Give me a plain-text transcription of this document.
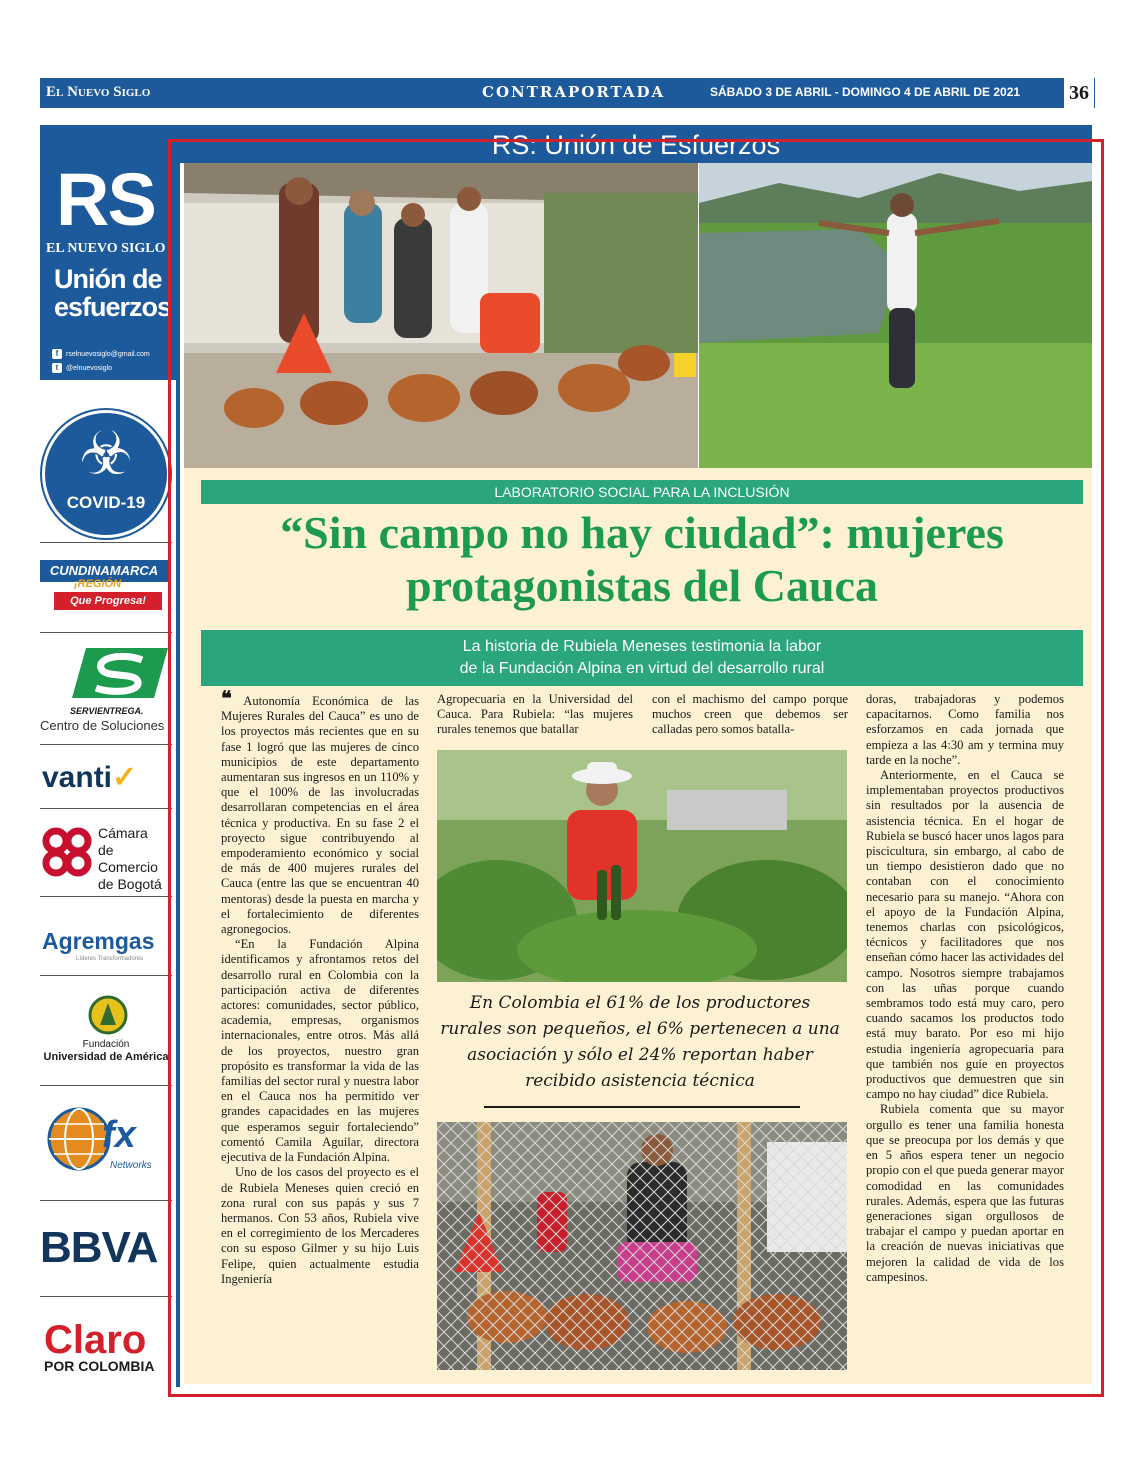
El Nuevo Siglo	CONTRAPORTADA	SÁBADO 3 DE ABRIL - DOMINGO 4 DE ABRIL DE 2021 36
RS
EL NUEVO SIGLO
Unión de
esfuerzos
f	rselnuevosiglo@gmail.com
t	@elnuevosiglo
☣
COVID-19
CUNDINAMARCA
¡REGIÓN
Que Progresa!
SERVIENTREGA.
Centro de Soluciones
vanti✓
Cámara
de Comercio
de Bogotá
Agremgas
Líderes Transformadores
Fundación
Universidad de América
fx
Networks
BBVA
Claro
POR COLOMBIA
RS: Unión de Esfuerzos
LABORATORIO SOCIAL PARA LA INCLUSIÓN
“Sin campo no hay ciudad”: mujeres
protagonistas del Cauca
La historia de Rubiela Meneses testimonia la labor
de la Fundación Alpina en virtud del desarrollo rural

❝ Autonomía Económica de las Mujeres Rurales del Cauca” es uno de los proyectos más recientes que en su fase 1 logró que las mujeres de cinco municipios de este departamento aumentaran sus ingresos en un 110% y que el 100% de las involucradas desarrollaran competencias en el área técnica y productiva. En su fase 2 el proyecto sigue contribuyendo al empoderamiento económico y social de más de 400 mujeres rurales del Cauca (entre las que se encuentran 40 mentoras) desde la puesta en marcha y el fortalecimiento de diferentes agronegocios.

“En la Fundación Alpina identificamos y afrontamos retos del desarrollo rural en Colombia con la participación activa de diferentes actores: comunidades, sector público, academia, empresas, organismos internacionales, entre otros. Más allá de los proyectos, nuestro gran propósito es transformar la vida de las familias del sector rural y nuestra labor en el Cauca nos ha permitido ver grandes capacidades en las mujeres que esperamos seguir fortaleciendo” comentó Camila Aguilar, directora ejecutiva de la Fundación Alpina.

Uno de los casos del proyecto es el de Rubiela Meneses quien creció en zona rural con sus papás y sus 7 hermanos. Con 53 años, Rubiela vive en el corregimiento de los Mercaderes con su esposo Gilmer y su hijo Luis Felipe, quien actualmente estudia Ingeniería

Agropecuaria en la Universidad del Cauca. Para Rubiela: “las mujeres rurales tenemos que batallar
con el machismo del campo porque muchos creen que debemos ser calladas pero somos batalla-
En Colombia el 61% de los productores rurales son pequeños, el 6% pertenecen a una asociación y sólo el 24% reportan haber recibido asistencia técnica

doras, trabajadoras y podemos capacitarnos. Como familia nos esforzamos en cada jornada que empieza a las 4:30 am y termina muy tarde en la noche”.

Anteriormente, en el Cauca se implementaban proyectos productivos sin resultados por la ausencia de asistencia técnica. En el hogar de Rubiela se buscó hacer unos lagos para piscicultura, sin embargo, al cabo de un tiempo desistieron dado que no contaban con el conocimiento necesario para su manejo. “Ahora con el apoyo de la Fundación Alpina, tenemos charlas con psicológicos, técnicos y facilitadores que nos enseñan cómo hacer las actividades del campo. Nosotros siempre trabajamos con las uñas porque cuando sembramos todo está muy caro, pero cuando sacamos los productos todo está muy barato. Por eso mi hijo estudia ingeniería agropecuaria para que también nos guíe en proyectos productivos que demuestren que sin campo no hay ciudad” dice Rubiela.

Rubiela comenta que su mayor orgullo es tener una familia honesta que se preocupa por los demás y que en 5 años espera tener un negocio propio con el que pueda generar mayor comodidad en las comunidades rurales. Además, espera que las futuras generaciones sigan orgullosos de trabajar el campo y puedan aportar en la creación de nuevas iniciativas que mejoren la calidad de vida de los campesinos.
